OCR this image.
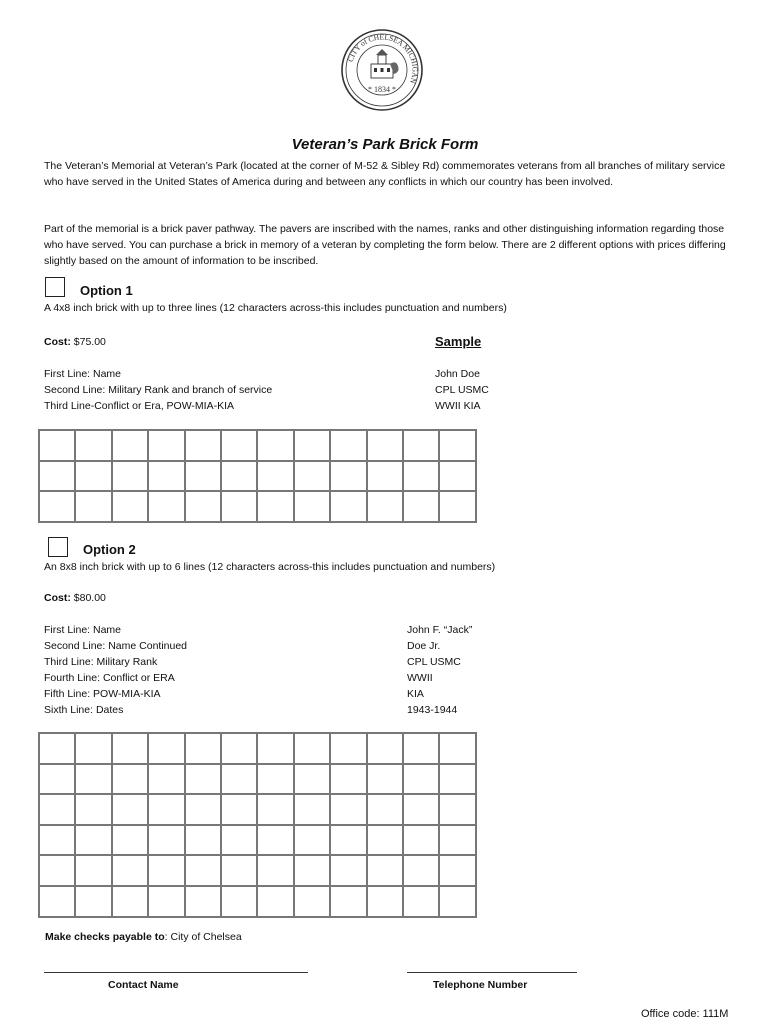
CITY of CHELSEA MICHIGAN
* 1834 *
Veteran’s Park Brick Form
The Veteran’s Memorial at Veteran’s Park (located at the corner of M-52 & Sibley Rd) commemorates veterans from all branches of military service who have served in the United States of America during and between any conflicts in which our country has been involved.
Part of the memorial is a brick paver pathway. The pavers are inscribed with the names, ranks and other distinguishing information regarding those who have served. You can purchase a brick in memory of a veteran by completing the form below. There are 2 different options with prices differing slightly based on the amount of information to be inscribed.
Option 1
A 4x8 inch brick with up to three lines (12 characters across-this includes punctuation and numbers)
Cost: $75.00	Sample
First Line: Name
Second Line: Military Rank and branch of service
Third Line-Conflict or Era, POW-MIA-KIA
John Doe
CPL USMC
WWII KIA
Option 2
An 8x8 inch brick with up to 6 lines (12 characters across-this includes punctuation and numbers)
Cost: $80.00
First Line: Name
Second Line: Name Continued
Third Line: Military Rank
Fourth Line: Conflict or ERA
Fifth Line: POW-MIA-KIA
Sixth Line: Dates
John F. “Jack”
Doe Jr.
CPL USMC
WWII
KIA
1943-1944
Make checks payable to: City of Chelsea
Contact Name	Telephone Number
Office code: 111M
